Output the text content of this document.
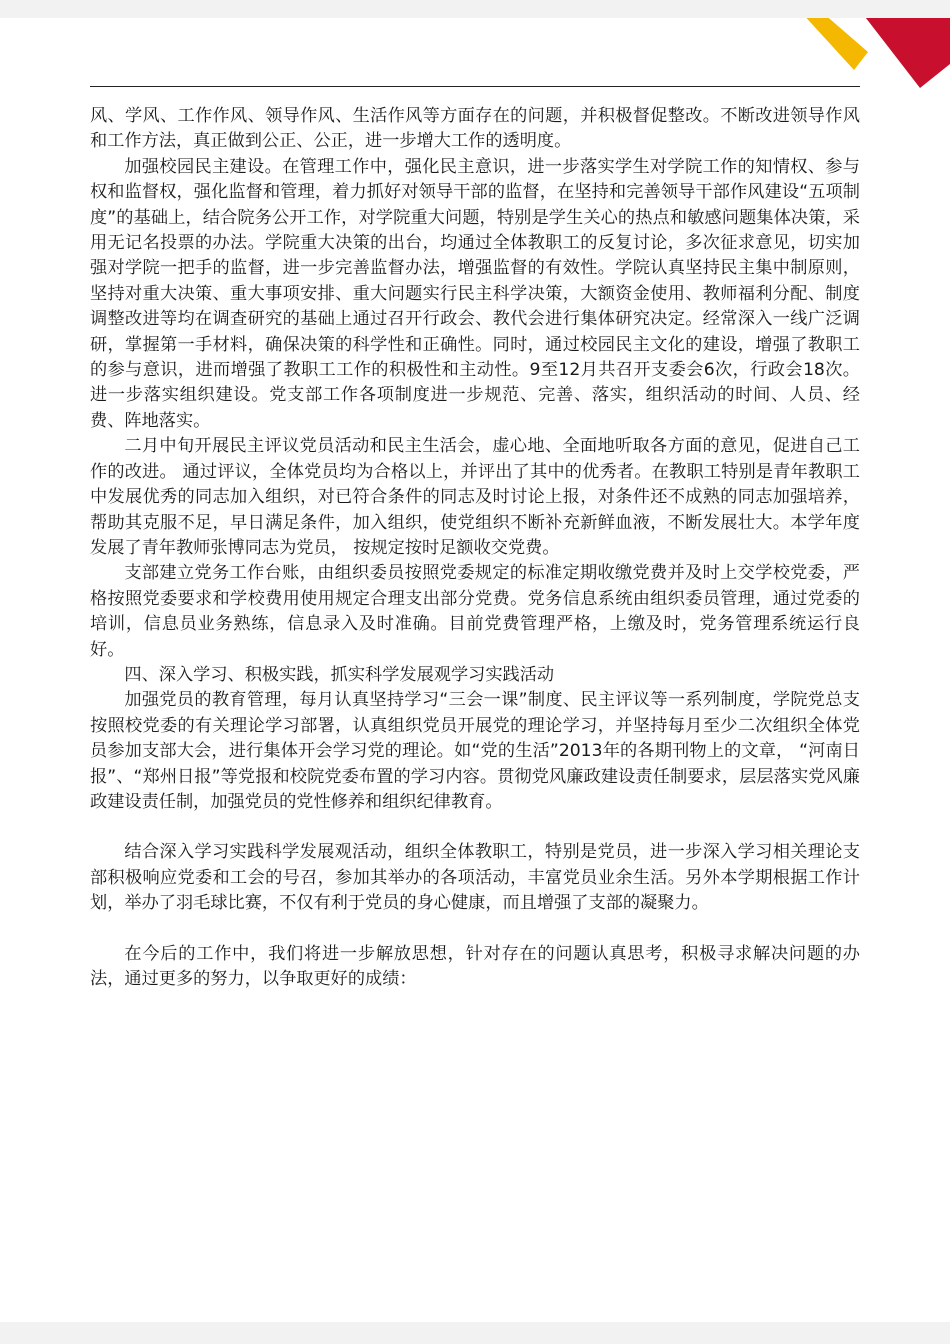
风、学风、工作作风、领导作风、生活作风等方面存在的问题，并积极督促整改。不断改进领导作风和工作方法，真正做到公正、公正，进一步增大工作的透明度。

加强校园民主建设。在管理工作中，强化民主意识，进一步落实学生对学院工作的知情权、参与权和监督权，强化监督和管理，着力抓好对领导干部的监督，在坚持和完善领导干部作风建设“五项制度”的基础上，结合院务公开工作，对学院重大问题，特别是学生关心的热点和敏感问题集体决策，采用无记名投票的办法。学院重大决策的出台，均通过全体教职工的反复讨论，多次征求意见，切实加强对学院一把手的监督，进一步完善监督办法，增强监督的有效性。学院认真坚持民主集中制原则，坚持对重大决策、重大事项安排、重大问题实行民主科学决策，大额资金使用、教师福利分配、制度调整改进等均在调查研究的基础上通过召开行政会、教代会进行集体研究决定。经常深入一线广泛调研，掌握第一手材料，确保决策的科学性和正确性。同时，通过校园民主文化的建设，增强了教职工的参与意识，进而增强了教职工工作的积极性和主动性。9至12月共召开支委会6次，行政会18次。 进一步落实组织建设。党支部工作各项制度进一步规范、完善、落实，组织活动的时间、人员、经费、阵地落实。

二月中旬开展民主评议党员活动和民主生活会，虚心地、全面地听取各方面的意见，促进自己工作的改进。 通过评议，全体党员均为合格以上，并评出了其中的优秀者。在教职工特别是青年教职工中发展优秀的同志加入组织，对已符合条件的同志及时讨论上报，对条件还不成熟的同志加强培养，帮助其克服不足，早日满足条件，加入组织，使党组织不断补充新鲜血液，不断发展壮大。本学年度发展了青年教师张博同志为党员， 按规定按时足额收交党费。

支部建立党务工作台账，由组织委员按照党委规定的标准定期收缴党费并及时上交学校党委，严格按照党委要求和学校费用使用规定合理支出部分党费。党务信息系统由组织委员管理，通过党委的培训，信息员业务熟练，信息录入及时准确。目前党费管理严格，上缴及时，党务管理系统运行良好。

四、深入学习、积极实践，抓实科学发展观学习实践活动

加强党员的教育管理，每月认真坚持学习“三会一课”制度、民主评议等一系列制度，学院党总支按照校党委的有关理论学习部署，认真组织党员开展党的理论学习，并坚持每月至少二次组织全体党员参加支部大会，进行集体开会学习党的理论。如“党的生活”2013年的各期刊物上的文章， “河南日报”、“郑州日报”等党报和校院党委布置的学习内容。贯彻党风廉政建设责任制要求，层层落实党风廉政建设责任制，加强党员的党性修养和组织纪律教育。

结合深入学习实践科学发展观活动，组织全体教职工，特别是党员，进一步深入学习相关理论支部积极响应党委和工会的号召，参加其举办的各项活动，丰富党员业余生活。另外本学期根据工作计划，举办了羽毛球比赛，不仅有利于党员的身心健康，而且增强了支部的凝聚力。

在今后的工作中，我们将进一步解放思想，针对存在的问题认真思考，积极寻求解决问题的办法，通过更多的努力，以争取更好的成绩：
